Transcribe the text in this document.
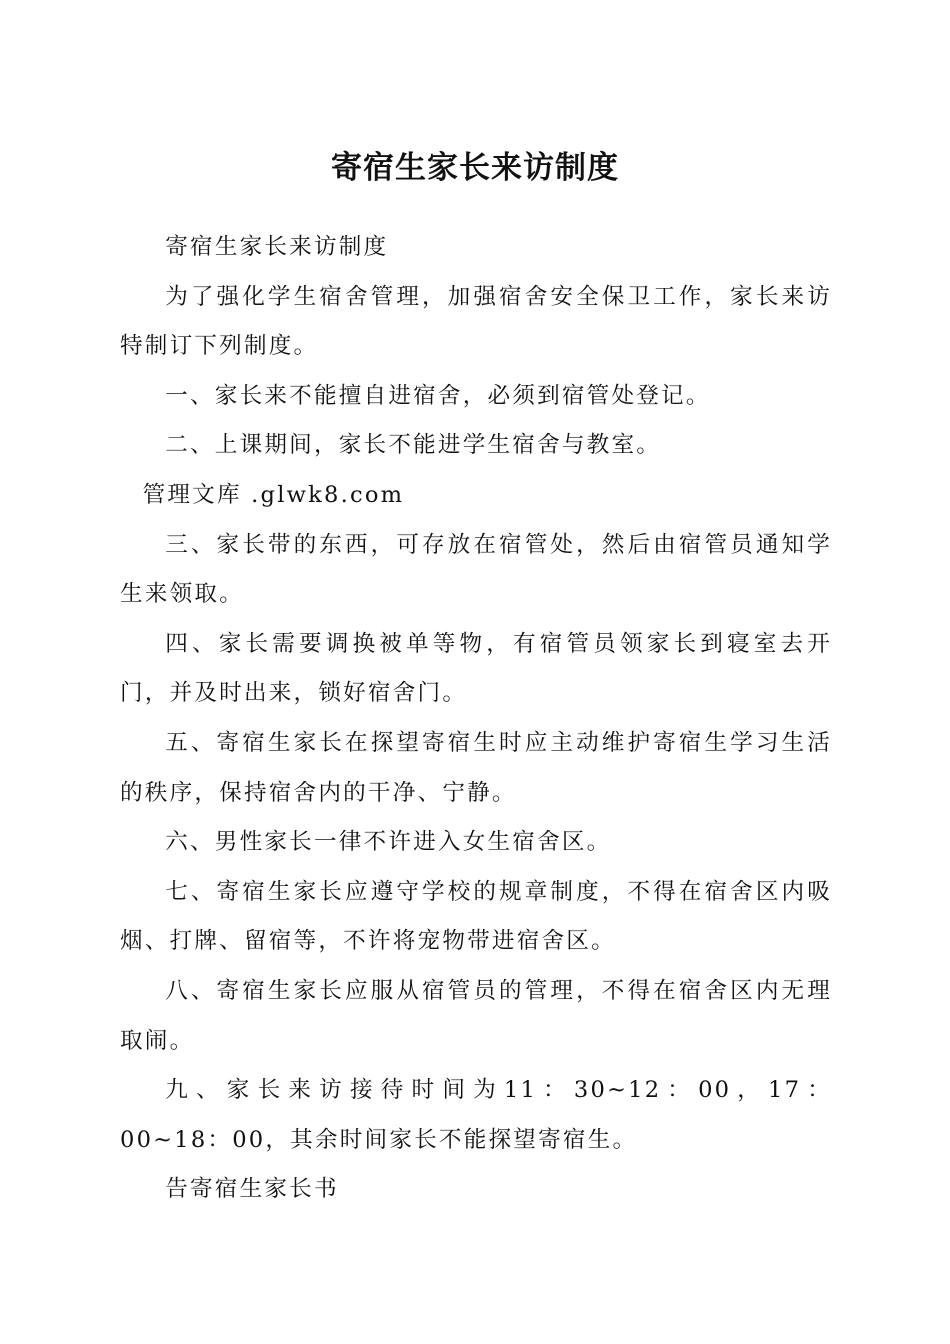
寄宿生家长来访制度

寄宿生家长来访制度

为了强化学生宿舍管理，加强宿舍安全保卫工作，家长来访特制订下列制度。

一、家长来不能擅自进宿舍，必须到宿管处登记。

二、上课期间，家长不能进学生宿舍与教室。

管理文库 .glwk8.com

三、家长带的东西，可存放在宿管处，然后由宿管员通知学生来领取。

四、家长需要调换被单等物，有宿管员领家长到寝室去开门，并及时出来，锁好宿舍门。

五、寄宿生家长在探望寄宿生时应主动维护寄宿生学习生活的秩序，保持宿舍内的干净、宁静。

六、男性家长一律不许进入女生宿舍区。

七、寄宿生家长应遵守学校的规章制度，不得在宿舍区内吸烟、打牌、留宿等，不许将宠物带进宿舍区。

八、寄宿生家长应服从宿管员的管理，不得在宿舍区内无理取闹。

九、家长来访接待时间为11：30~12：00，17：00~18：00，其余时间家长不能探望寄宿生。

告寄宿生家长书
